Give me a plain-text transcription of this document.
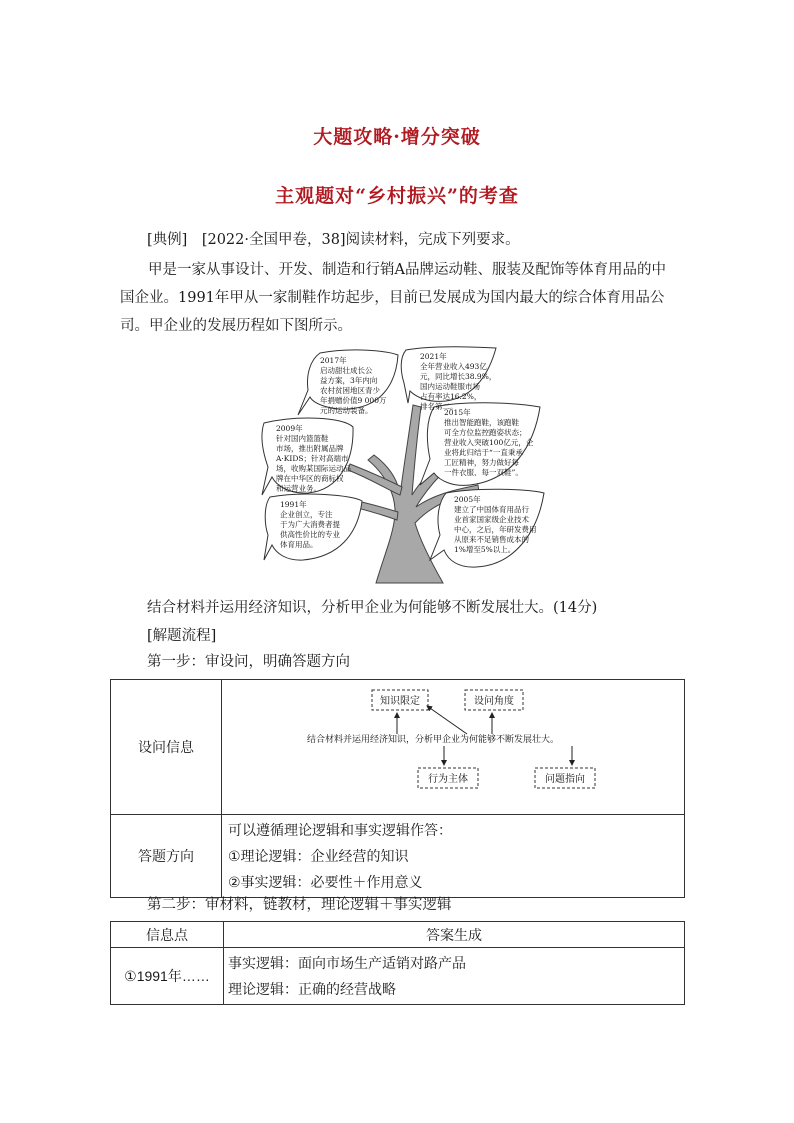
大题攻略·增分突破
主观题对“乡村振兴”的考查
[典例]　[2022·全国甲卷，38]阅读材料，完成下列要求。
甲是一家从事设计、开发、制造和行销A品牌运动鞋、服装及配饰等体育用品的中国企业。1991年甲从一家制鞋作坊起步，目前已发展成为国内最大的综合体育用品公司。甲企业的发展历程如下图所示。
2017年
启动甜壮成长公
益方案，3年内向
农村贫困地区青少
年捐赠价值9 000万
元的运动装备。
2021年
全年营业收入493亿
元，同比增长38.9%，
国内运动鞋服市场
占有率达16.2%，
排名第二。
2009年
针对国内篮篮鞋
市场，推出附属品牌
A·KIDS；针对高端市
场，收购某国际运动品
牌在中华区的商标权
和运营业务。
2015年
推出智能跑鞋，该跑鞋
可全方位监控跑姿状态；
营业收入突破100亿元，企
业将此归结于“一直秉承
工匠精神，努力做好每
一件衣服、每一双鞋”。
1991年
企业创立，专注
于为广大消费者提
供高性价比的专业
体育用品。
2005年
建立了中国体育用品行
业首家国家级企业技术
中心，之后，年研发费用
从原来不足销售成本的
1%增至5%以上。
结合材料并运用经济知识，分析甲企业为何能够不断发展壮大。(14分)
[解题流程]
第一步：审设问，明确答题方向
设问信息	知识限定 设问角度
结合材料并运用经济知识，分析甲企业为何能够不断发展壮大。
行为主体 问题指向

答题方向	可以遵循理论逻辑和事实逻辑作答：
①理论逻辑：企业经营的知识
②事实逻辑：必要性＋作用意义
第二步：审材料，链教材，理论逻辑＋事实逻辑
信息点	答案生成
①1991年……	事实逻辑：面向市场生产适销对路产品
理论逻辑：正确的经营战略
